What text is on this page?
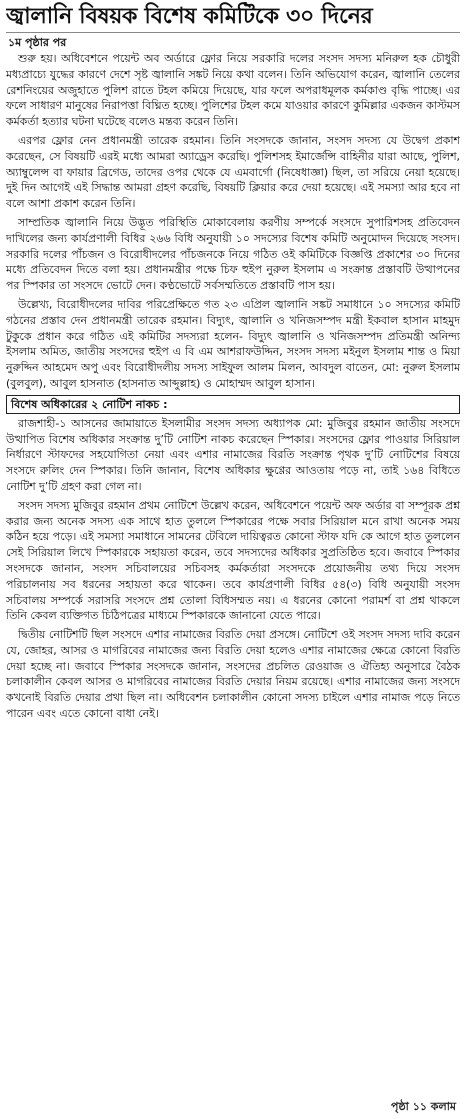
জ্বালানি বিষয়ক বিশেষ কমিটিকে ৩০ দিনের
১ম পৃষ্ঠার পর

শুরু হয়। অধিবেশনে পয়েন্ট অব অর্ডারে ফ্লোর নিয়ে সরকারি দলের সংসদ সদস্য মনিরুল হক চৌধুরী মধ্যপ্রাচ্যে যুদ্ধের কারণে দেশে সৃষ্ট জ্বালানি সঙ্কট নিয়ে কথা বলেন। তিনি অভিযোগ করেন, জ্বালানি তেলের রেশনিংয়ের অজুহাতে পুলিশ রাতে টহল কমিয়ে দিয়েছে, যার ফলে অপরাধমূলক কর্মকাণ্ড বৃদ্ধি পাচ্ছে। এর ফলে সাধারণ মানুষের নিরাপত্তা বিঘ্নিত হচ্ছে। পুলিশের টহল কমে যাওয়ার কারণে কুমিল্লার একজন কাস্টমস কর্মকর্তা হত্যার ঘটনা ঘটেছে বলেও মন্তব্য করেন তিনি।

এরপর ফ্লোর নেন প্রধানমন্ত্রী তারেক রহমান। তিনি সংসদকে জানান, সংসদ সদস্য যে উদ্বেগ প্রকাশ করেছেন, সে বিষয়টি এরই মধ্যে আমরা অ্যাড্রেস করেছি। পুলিশসহ ইমার্জেন্সি বাহিনীর যারা আছে, পুলিশ, অ্যাম্বুলেন্স বা ফায়ার ব্রিগেড, তাদের ওপর থেকে যে এমবার্গো (নিষেধাজ্ঞা) ছিল, তা সরিয়ে নেয়া হয়েছে। দুই দিন আগেই এই সিদ্ধান্ত আমরা গ্রহণ করেছি, বিষয়টি ক্লিয়ার করে দেয়া হয়েছে। এই সমস্যা আর হবে না বলে আশা প্রকাশ করেন তিনি।

সাম্প্রতিক জ্বালানি নিয়ে উদ্ভূত পরিস্থিতি মোকাবেলায় করণীয় সম্পর্কে সংসদে সুপারিশসহ প্রতিবেদন দাখিলের জন্য কার্যপ্রণালী বিধির ২৬৬ বিধি অনুযায়ী ১০ সদস্যের বিশেষ কমিটি অনুমোদন দিয়েছে সংসদ। সরকারি দলের পাঁচজন ও বিরোধীদলের পাঁচজনকে নিয়ে গঠিত ওই কমিটিকে বিজ্ঞপ্তি প্রকাশের ৩০ দিনের মধ্যে প্রতিবেদন দিতে বলা হয়। প্রধানমন্ত্রীর পক্ষে চিফ হুইপ নুরুল ইসলাম এ সংক্রান্ত প্রস্তাবটি উত্থাপনের পর স্পিকার তা সংসদে ভোটে দেন। কণ্ঠভোটে সর্বসম্মতিতে প্রস্তাবটি পাস হয়।

উল্লেখ্য, বিরোধীদলের দাবির পরিপ্রেক্ষিতে গত ২৩ এপ্রিল জ্বালানি সঙ্কট সমাধানে ১০ সদস্যের কমিটি গঠনের প্রস্তাব দেন প্রধানমন্ত্রী তারেক রহমান। বিদ্যুৎ, জ্বালানি ও খনিজসম্পদ মন্ত্রী ইকবাল হাসান মাহমুদ টুকুকে প্রধান করে গঠিত এই কমিটির সদস্যরা হলেন- বিদ্যুৎ জ্বালানি ও খনিজসম্পদ প্রতিমন্ত্রী অনিন্দ্য ইসলাম অমিত, জাতীয় সংসদের হুইপ এ বি এম আশরাফউদ্দিন, সংসদ সদস্য মইনুল ইসলাম শান্ত ও মিয়া নুরুদ্দিন আহমেদ অপু এবং বিরোধীদলীয় সদস্য সাইফুল আলম মিলন, আবদুল বাতেন, মো: নুরুল ইসলাম (বুলবুল), আবুল হাসনাত (হাসনাত আব্দুল্লাহ) ও মোহাম্মদ আবুল হাসান।

বিশেষ অধিকারের ২ নোটিশ নাকচ :

রাজশাহী-১ আসনের জামায়াতে ইসলামীর সংসদ সদস্য অধ্যাপক মো: মুজিবুর রহমান জাতীয় সংসদে উত্থাপিত বিশেষ অধিকার সংক্রান্ত দু’টি নোটিশ নাকচ করেছেন স্পিকার। সংসদের ফ্লোর পাওয়ার সিরিয়াল নির্ধারণে স্টাফদের সহযোগিতা নেয়া এবং এশার নামাজের বিরতি সংক্রান্ত পৃথক দু’টি নোটিশের বিষয়ে সংসদে রুলিং দেন স্পিকার। তিনি জানান, বিশেষ অধিকার ক্ষুণ্ণের আওতায় পড়ে না, তাই ১৬৪ বিধিতে নোটিশ দু’টি গ্রহণ করা গেল না।

সংসদ সদস্য মুজিবুর রহমান প্রথম নোটিশে উল্লেখ করেন, অধিবেশনে পয়েন্ট অফ অর্ডার বা সম্পূরক প্রশ্ন করার জন্য অনেক সদস্য এক সাথে হাত তুললে স্পিকারের পক্ষে সবার সিরিয়াল মনে রাখা অনেক সময় কঠিন হয়ে পড়ে। এই সমস্যা সমাধানে সামনের টেবিলে দায়িত্বরত কোনো স্টাফ যদি কে আগে হাত তুললেন সেই সিরিয়াল লিখে স্পিকারকে সহায়তা করেন, তবে সদস্যদের অধিকার সুপ্রতিষ্ঠিত হবে। জবাবে স্পিকার সংসদকে জানান, সংসদ সচিবালয়ের সচিবসহ কর্মকর্তারা সংসদকে প্রয়োজনীয় তথ্য দিয়ে সংসদ পরিচালনায় সব ধরনের সহায়তা করে থাকেন। তবে কার্যপ্রণালী বিধির ৫৪(৩) বিধি অনুযায়ী সংসদ সচিবালয় সম্পর্কে সরাসরি সংসদে প্রশ্ন তোলা বিধিসম্মত নয়। এ ধরনের কোনো পরামর্শ বা প্রশ্ন থাকলে তিনি কেবল ব্যক্তিগত চিঠিপত্রের মাধ্যমে স্পিকারকে জানানো যেতে পারে।

দ্বিতীয় নোটিশটি ছিল সংসদে এশার নামাজের বিরতি দেয়া প্রসঙ্গে। নোটিশে ওই সংসদ সদস্য দাবি করেন যে, জোহর, আসর ও মাগরিবের নামাজের জন্য বিরতি দেয়া হলেও এশার নামাজের ক্ষেত্রে কোনো বিরতি দেয়া হচ্ছে না। জবাবে স্পিকার সংসদকে জানান, সংসদের প্রচলিত রেওয়াজ ও ঐতিহ্য অনুসারে বৈঠক চলাকালীন কেবল আসর ও মাগরিবের নামাজের বিরতি দেয়ার নিয়ম রয়েছে। এশার নামাজের জন্য সংসদে কখনোই বিরতি দেয়ার প্রথা ছিল না। অধিবেশন চলাকালীন কোনো সদস্য চাইলে এশার নামাজ পড়ে নিতে পারেন এবং এতে কোনো বাধা নেই।

পৃষ্ঠা ১১ কলাম
